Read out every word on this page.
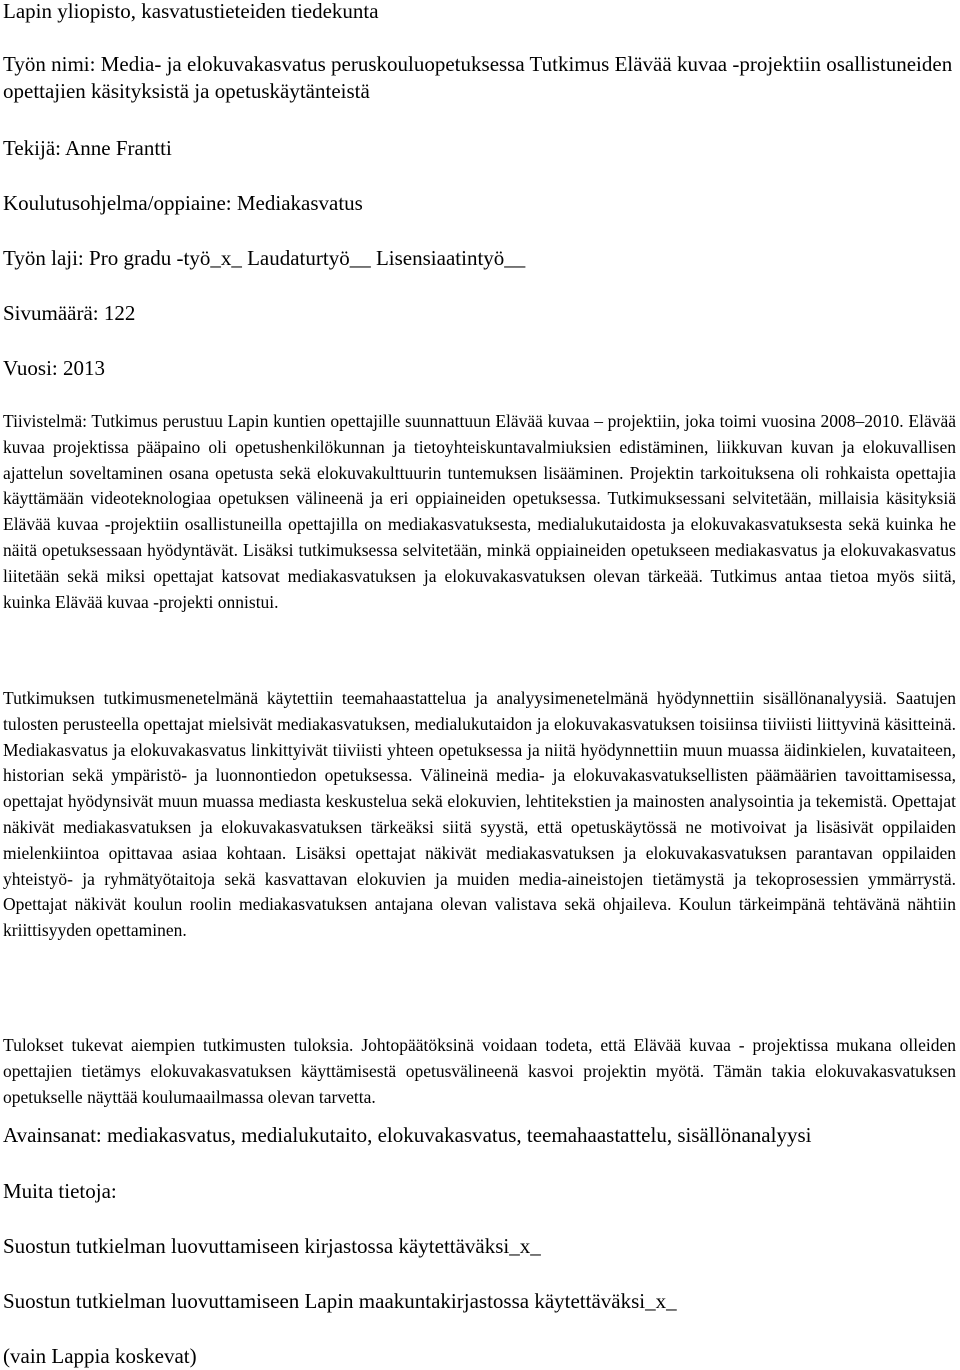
Lapin yliopisto, kasvatustieteiden tiedekunta

Työn nimi: Media- ja elokuvakasvatus peruskouluopetuksessa Tutkimus Elävää kuvaa -projektiin osallistuneiden opettajien käsityksistä ja opetuskäytänteistä

Tekijä: Anne Frantti

Koulutusohjelma/oppiaine: Mediakasvatus

Työn laji: Pro gradu -työ_x_ Laudaturtyö__ Lisensiaatintyö__

Sivumäärä: 122

Vuosi: 2013

Tiivistelmä: Tutkimus perustuu Lapin kuntien opettajille suunnattuun Elävää kuvaa – projektiin, joka toimi vuosina 2008–2010. Elävää kuvaa projektissa pääpaino oli opetushenkilökunnan ja tietoyhteiskuntavalmiuksien edistäminen, liikkuvan kuvan ja elokuvallisen ajattelun soveltaminen osana opetusta sekä elokuvakulttuurin tuntemuksen lisääminen. Projektin tarkoituksena oli rohkaista opettajia käyttämään videoteknologiaa opetuksen välineenä ja eri oppiaineiden opetuksessa. Tutkimuksessani selvitetään, millaisia käsityksiä Elävää kuvaa -projektiin osallistuneilla opettajilla on mediakasvatuksesta, medialukutaidosta ja elokuvakasvatuksesta sekä kuinka he näitä opetuksessaan hyödyntävät. Lisäksi tutkimuksessa selvitetään, minkä oppiaineiden opetukseen mediakasvatus ja elokuvakasvatus liitetään sekä miksi opettajat katsovat mediakasvatuksen ja elokuvakasvatuksen olevan tärkeää. Tutkimus antaa tietoa myös siitä, kuinka Elävää kuvaa -projekti onnistui.

Tutkimuksen tutkimusmenetelmänä käytettiin teemahaastattelua ja analyysimenetelmänä hyödynnettiin sisällönanalyysiä. Saatujen tulosten perusteella opettajat mielsivät mediakasvatuksen, medialukutaidon ja elokuvakasvatuksen toisiinsa tiiviisti liittyvinä käsitteinä. Mediakasvatus ja elokuvakasvatus linkittyivät tiiviisti yhteen opetuksessa ja niitä hyödynnettiin muun muassa äidinkielen, kuvataiteen, historian sekä ympäristö- ja luonnontiedon opetuksessa. Välineinä media- ja elokuvakasvatuksellisten päämäärien tavoittamisessa, opettajat hyödynsivät muun muassa mediasta keskustelua sekä elokuvien, lehtitekstien ja mainosten analysointia ja tekemistä. Opettajat näkivät mediakasvatuksen ja elokuvakasvatuksen tärkeäksi siitä syystä, että opetuskäytössä ne motivoivat ja lisäsivät oppilaiden mielenkiintoa opittavaa asiaa kohtaan. Lisäksi opettajat näkivät mediakasvatuksen ja elokuvakasvatuksen parantavan oppilaiden yhteistyö- ja ryhmätyötaitoja sekä kasvattavan elokuvien ja muiden media-aineistojen tietämystä ja tekoprosessien ymmärrystä. Opettajat näkivät koulun roolin mediakasvatuksen antajana olevan valistava sekä ohjaileva. Koulun tärkeimpänä tehtävänä nähtiin kriittisyyden opettaminen.

Tulokset tukevat aiempien tutkimusten tuloksia. Johtopäätöksinä voidaan todeta, että Elävää kuvaa - projektissa mukana olleiden opettajien tietämys elokuvakasvatuksen käyttämisestä opetusvälineenä kasvoi projektin myötä. Tämän takia elokuvakasvatuksen opetukselle näyttää koulumaailmassa olevan tarvetta.

Avainsanat: mediakasvatus, medialukutaito, elokuvakasvatus, teemahaastattelu, sisällönanalyysi

Muita tietoja:

Suostun tutkielman luovuttamiseen kirjastossa käytettäväksi_x_

Suostun tutkielman luovuttamiseen Lapin maakuntakirjastossa käytettäväksi_x_

(vain Lappia koskevat)
